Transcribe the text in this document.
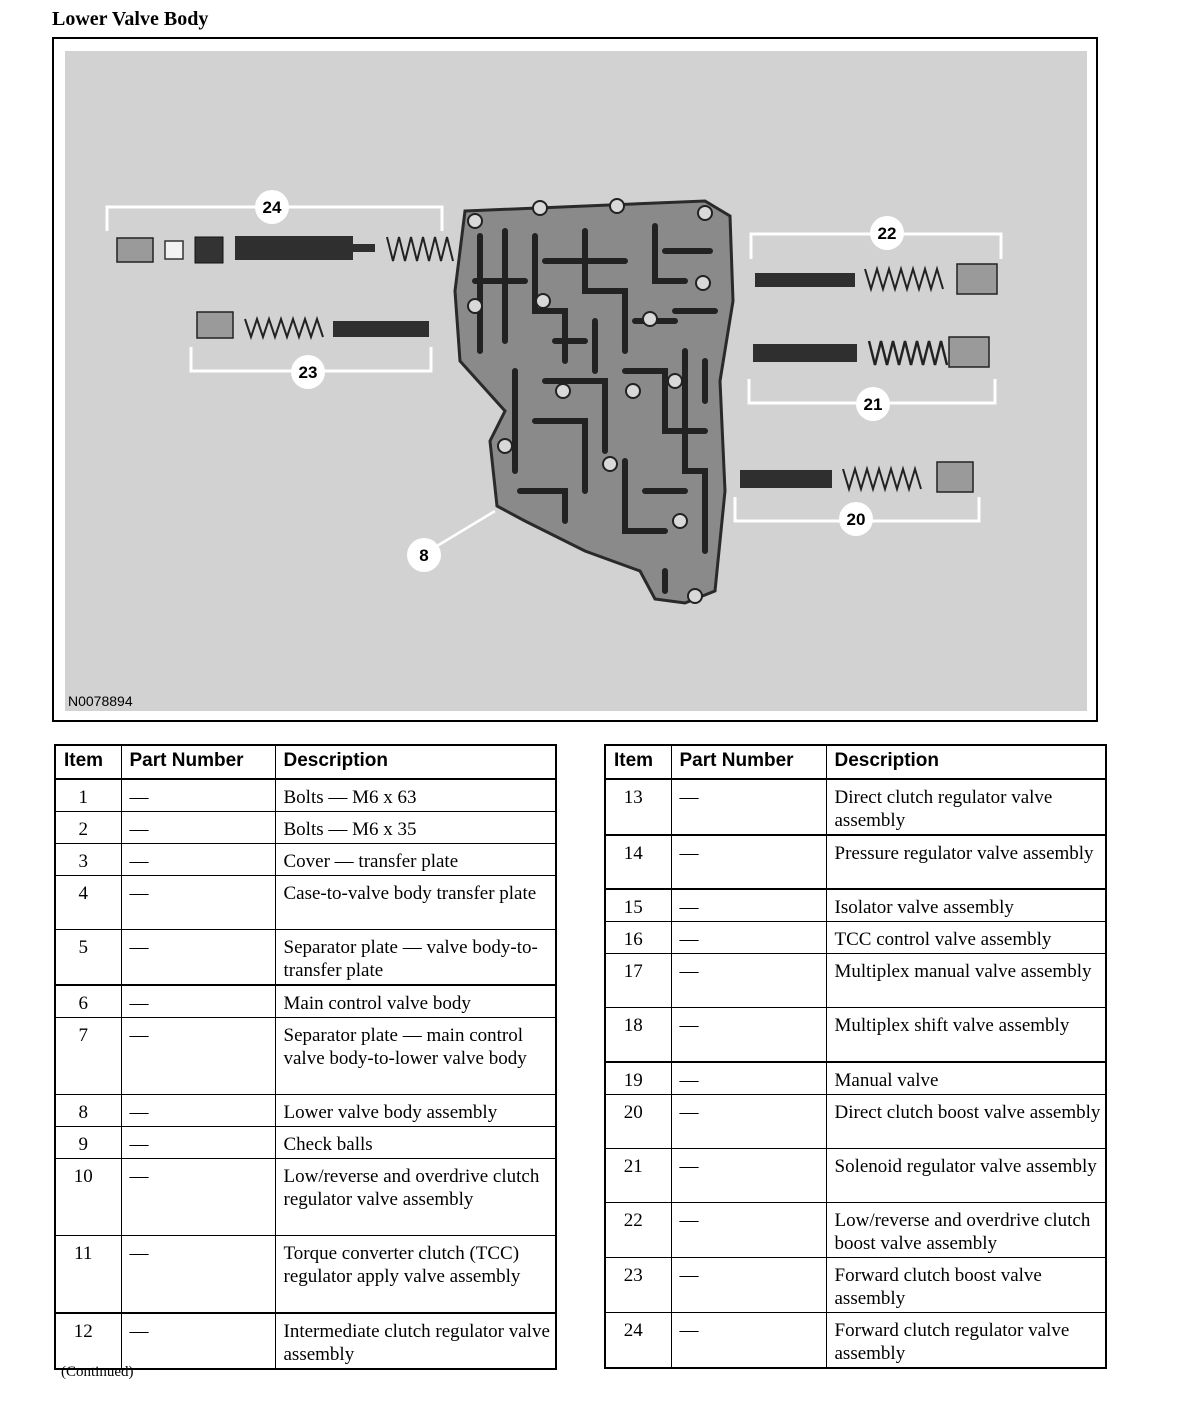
Lower Valve Body
24
23
22
21
20
8
N0078894
Item	Part Number	Description
1	—	Bolts — M6 x 63
2	—	Bolts — M6 x 35
3	—	Cover — transfer plate
4	—	Case-to-valve body transfer plate
5	—	Separator plate — valve body-to-transfer plate
6	—	Main control valve body
7	—	Separator plate — main control valve body-to-lower valve body
8	—	Lower valve body assembly
9	—	Check balls
10	—	Low/reverse and overdrive clutch regulator valve assembly
11	—	Torque converter clutch (TCC) regulator apply valve assembly
12	—	Intermediate clutch regulator valve assembly
Item	Part Number	Description
13	—	Direct clutch regulator valve assembly
14	—	Pressure regulator valve assembly
15	—	Isolator valve assembly
16	—	TCC control valve assembly
17	—	Multiplex manual valve assembly
18	—	Multiplex shift valve assembly
19	—	Manual valve
20	—	Direct clutch boost valve assembly
21	—	Solenoid regulator valve assembly
22	—	Low/reverse and overdrive clutch boost valve assembly
23	—	Forward clutch boost valve assembly
24	—	Forward clutch regulator valve assembly
(Continued)
